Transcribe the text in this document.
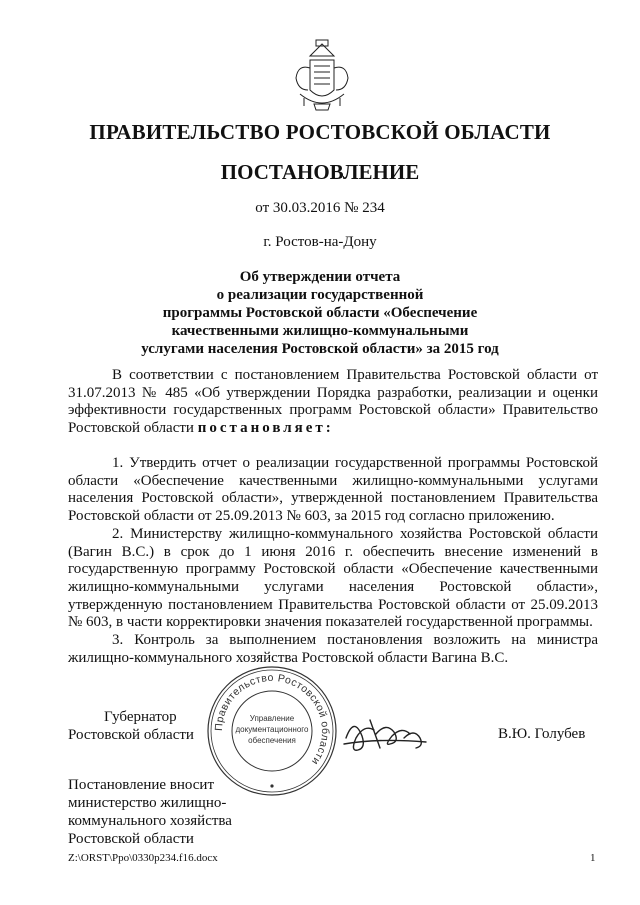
ПРАВИТЕЛЬСТВО РОСТОВСКОЙ ОБЛАСТИ
ПОСТАНОВЛЕНИЕ
от 30.03.2016 № 234
г. Ростов-на-Дону
Об утверждении отчета
о реализации государственной
программы Ростовской области «Обеспечение
качественными жилищно-коммунальными
услугами населения Ростовской области» за 2015 год

В соответствии с постановлением Правительства Ростовской области от 31.07.2013 № 485 «Об утверждении Порядка разработки, реализации и оценки эффективности государственных программ Ростовской области» Правительство Ростовской области постановляет:

1. Утвердить отчет о реализации государственной программы Ростовской области «Обеспечение качественными жилищно-коммунальными услугами населения Ростовской области», утвержденной постановлением Правительства Ростовской области от 25.09.2013 № 603, за 2015 год согласно приложению.

2. Министерству жилищно-коммунального хозяйства Ростовской области (Вагин В.С.) в срок до 1 июня 2016 г. обеспечить внесение изменений в государственную программу Ростовской области «Обеспечение качественными жилищно-коммунальными услугами населения Ростовской области», утвержденную постановлением Правительства Ростовской области от 25.09.2013 № 603, в части корректировки значения показателей государственной программы.

3. Контроль за выполнением постановления возложить на министра жилищно-коммунального хозяйства Ростовской области Вагина В.С.

Губернатор
Ростовской области
Правительство Ростовской области
Управление
документационного
обеспечения	В.Ю. Голубев
Постановление вносит
министерство жилищно-
коммунального хозяйства
Ростовской области
Z:\ORST\Ppo\0330p234.f16.docx	1
